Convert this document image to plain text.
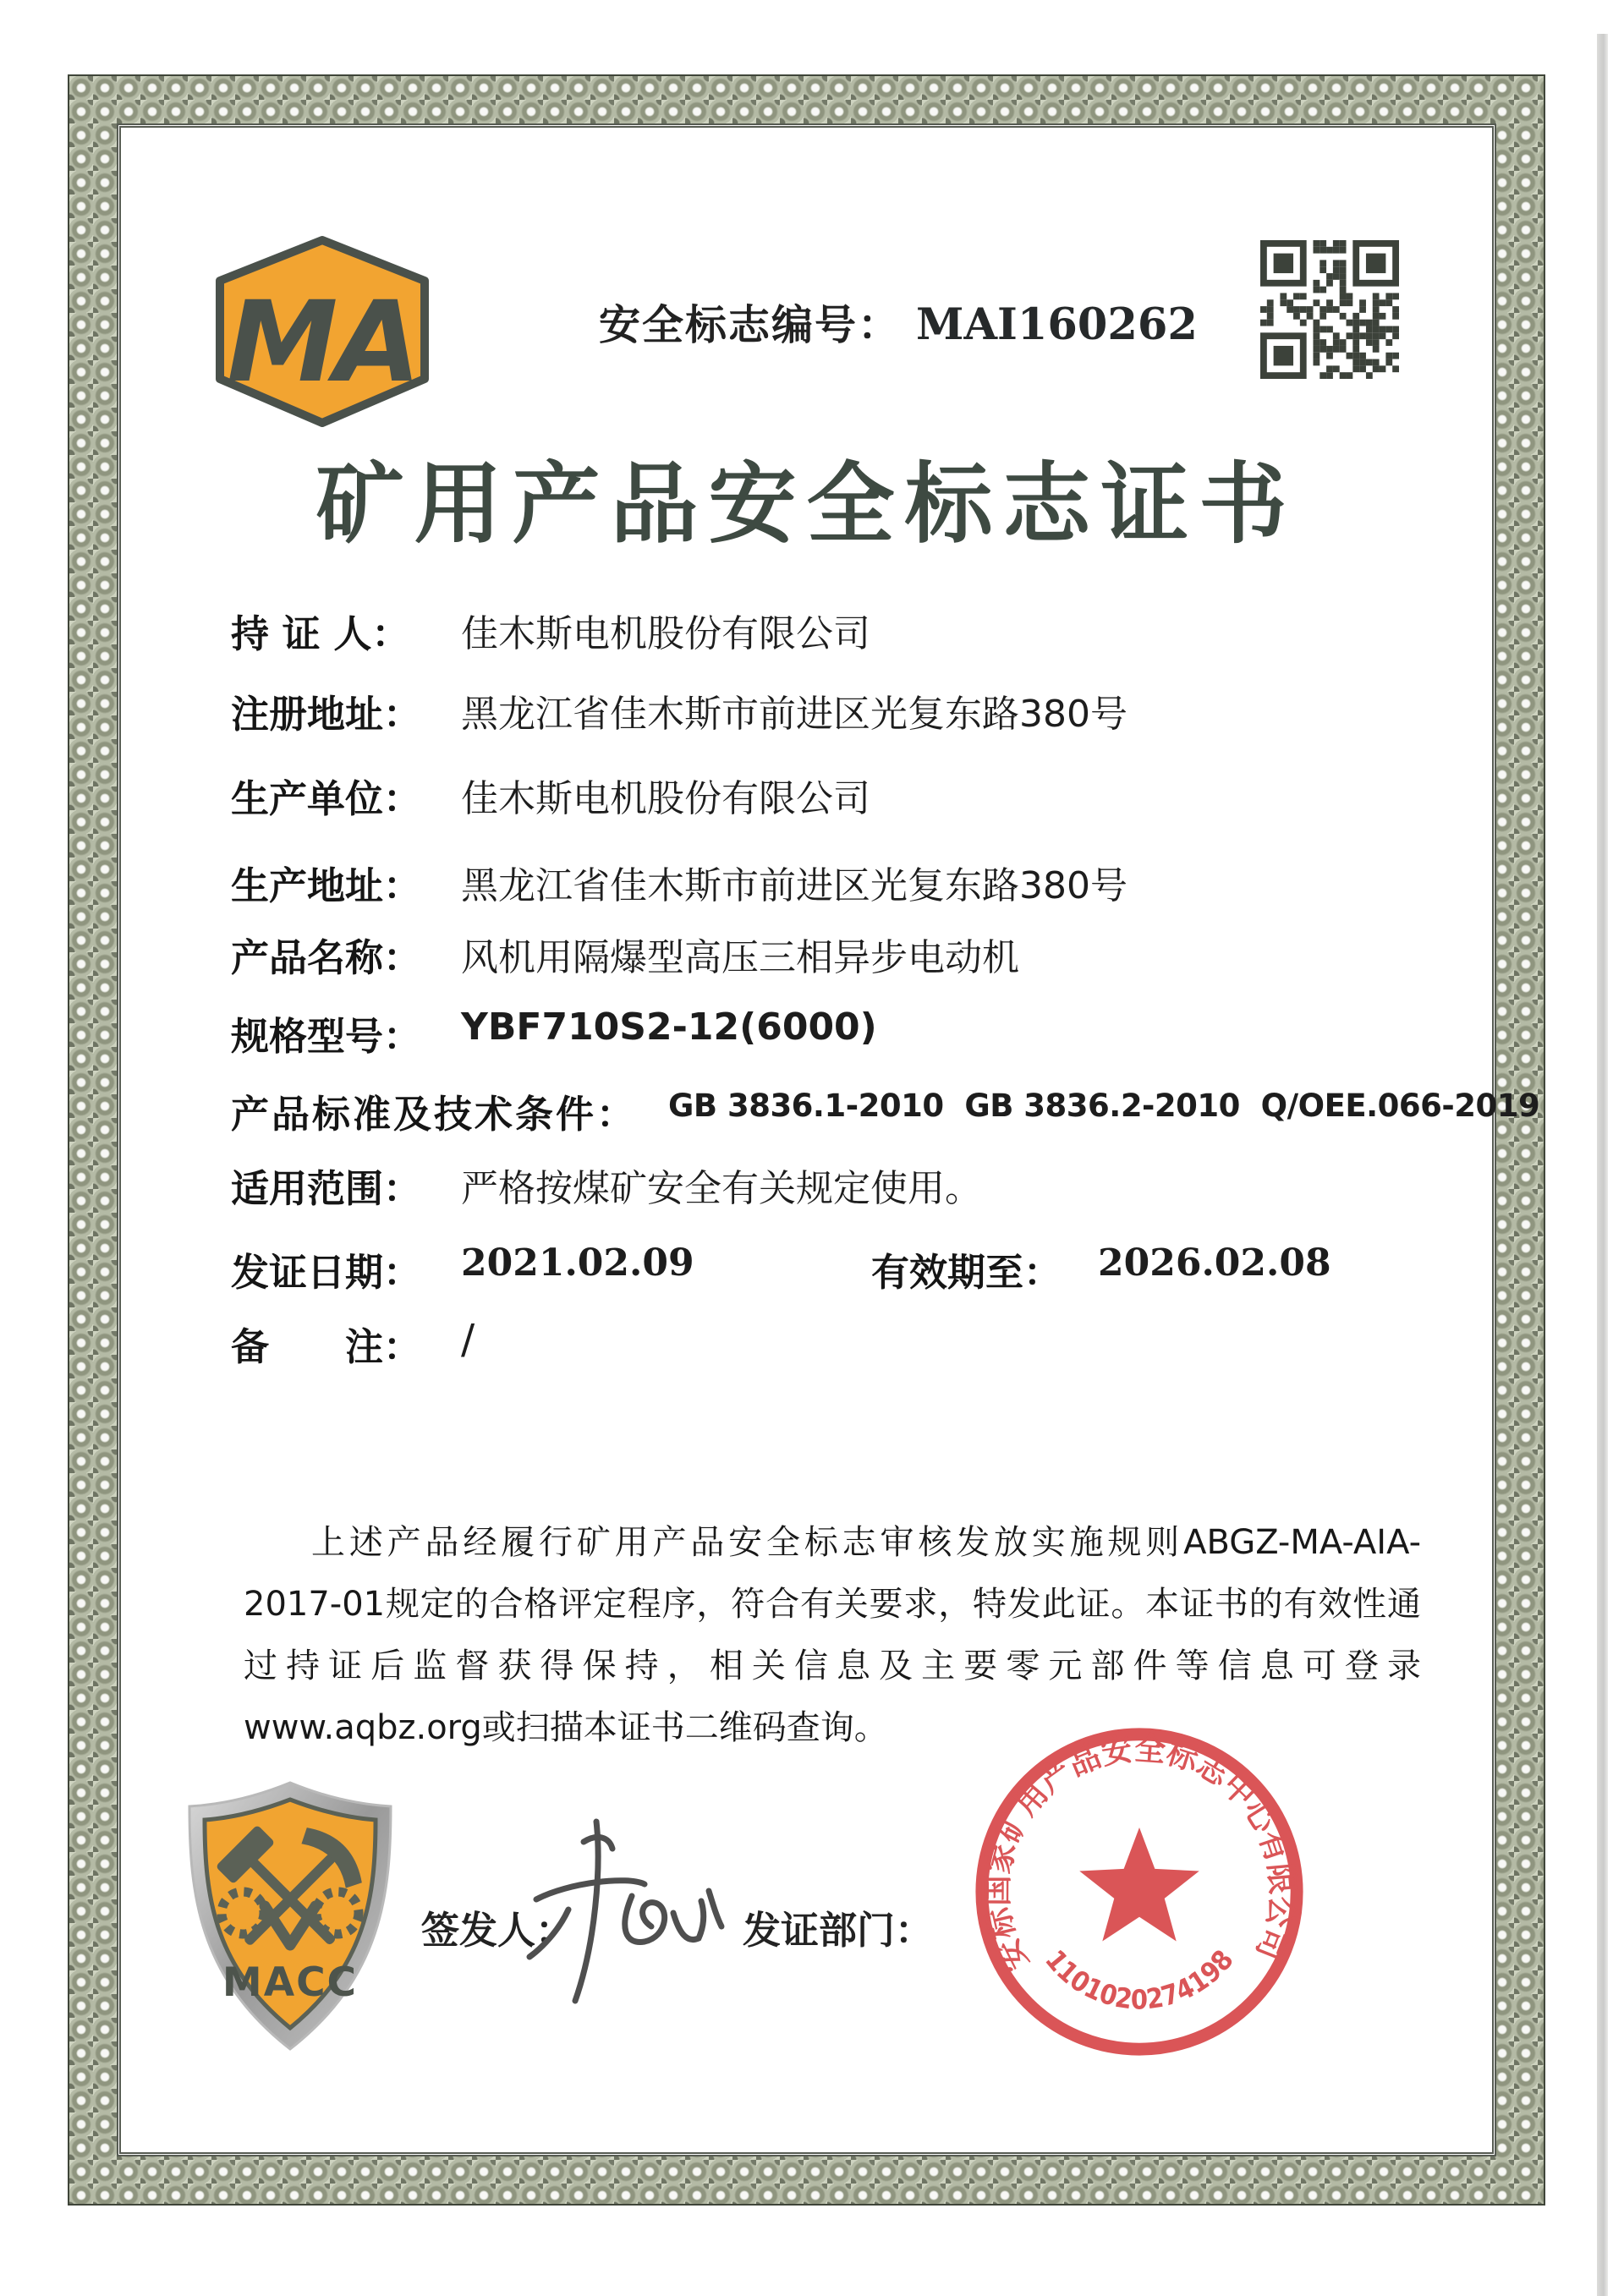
MA	安全标志编号： MAI160262
矿用产品安全标志证书
持 证 人： 佳木斯电机股份有限公司
注册地址： 黑龙江省佳木斯市前进区光复东路380号
生产单位： 佳木斯电机股份有限公司
生产地址： 黑龙江省佳木斯市前进区光复东路380号
产品名称： 风机用隔爆型高压三相异步电动机
规格型号： YBF710S2-12(6000)
产品标准及技术条件： GB 3836.1-2010  GB 3836.2-2010  Q/OEE.066-2019
适用范围： 严格按煤矿安全有关规定使用。
发证日期： 2021.02.09	有效期至： 2026.02.08
备　　注： /

上述产品经履行矿用产品安全标志审核发放实施规则ABGZ-MA-AIA-2017-01规定的合格评定程序，符合有关要求，特发此证。本证书的有效性通过持证后监督获得保持，相关信息及主要零元部件等信息可登录www.aqbz.org或扫描本证书二维码查询。

MACC
签发人：	发证部门：
安标国家矿用产品安全标志中心有限公司
1101020274198
